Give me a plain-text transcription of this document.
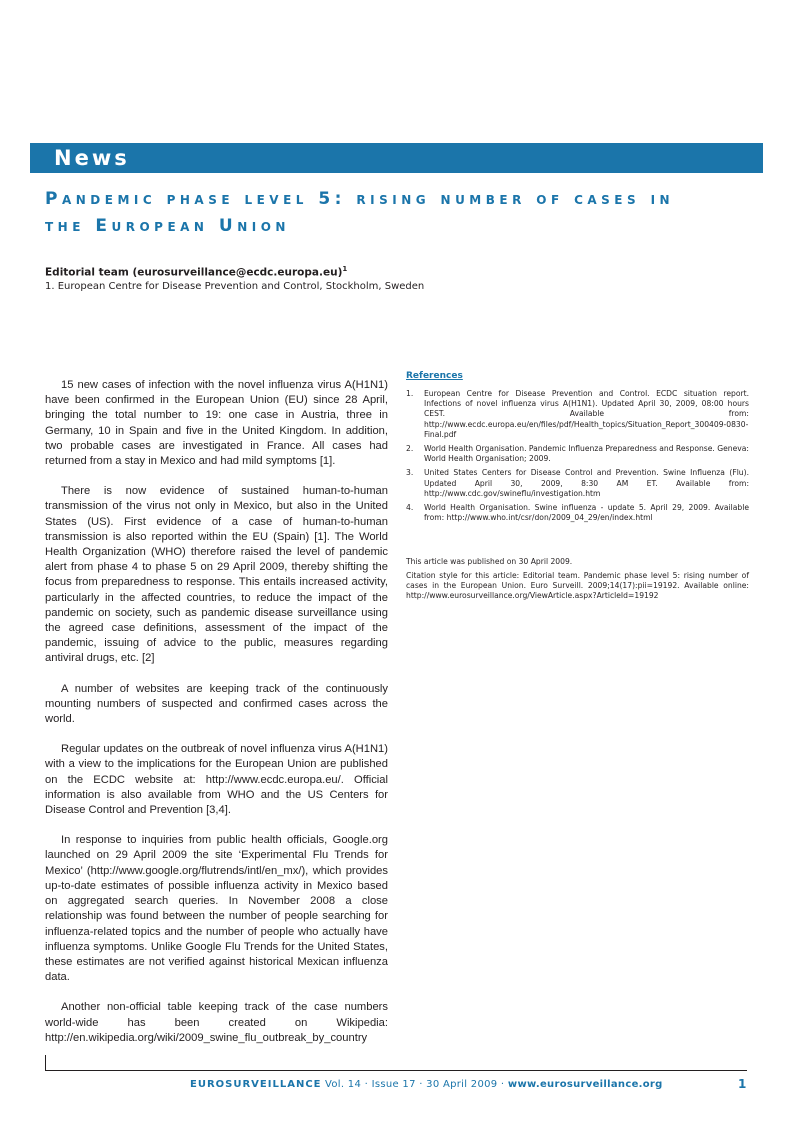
News
Pandemic phase level 5: rising number of cases in
the European Union
Editorial team (eurosurveillance@ecdc.europa.eu)$^1$
1. European Centre for Disease Prevention and Control, Stockholm, Sweden

15 new cases of infection with the novel influenza virus A(H1N1) have been confirmed in the European Union (EU) since 28 April, bringing the total number to 19: one case in Austria, three in Germany, 10 in Spain and five in the United Kingdom. In addition, two probable cases are investigated in France. All cases had returned from a stay in Mexico and had mild symptoms [1].

There is now evidence of sustained human-to-human transmission of the virus not only in Mexico, but also in the United States (US). First evidence of a case of human-to-human transmission is also reported within the EU (Spain) [1]. The World Health Organization (WHO) therefore raised the level of pandemic alert from phase 4 to phase 5 on 29 April 2009, thereby shifting the focus from preparedness to response. This entails increased activity, particularly in the affected countries, to reduce the impact of the pandemic on society, such as pandemic disease surveillance using the agreed case definitions, assessment of the impact of the pandemic, issuing of advice to the public, measures regarding antiviral drugs, etc. [2]

A number of websites are keeping track of the continuously mounting numbers of suspected and confirmed cases across the world.

Regular updates on the outbreak of novel influenza virus A(H1N1) with a view to the implications for the European Union are published on the ECDC website at: http://www.ecdc.europa.eu/. Official information is also available from WHO and the US Centers for Disease Control and Prevention [3,4].

In response to inquiries from public health officials, Google.org launched on 29 April 2009 the site ‘Experimental Flu Trends for Mexico’ (http://www.google.org/flutrends/intl/en_mx/), which provides up-to-date estimates of possible influenza activity in Mexico based on aggregated search queries. In November 2008 a close relationship was found between the number of people searching for influenza-related topics and the number of people who actually have influenza symptoms. Unlike Google Flu Trends for the United States, these estimates are not verified against historical Mexican influenza data.

Another non-official table keeping track of the case numbers world-wide has been created on Wikipedia: http://en.wikipedia.org/wiki/2009_swine_flu_outbreak_by_country

References
1. European Centre for Disease Prevention and Control. ECDC situation report. Infections of novel influenza virus A(H1N1). Updated April 30, 2009, 08:00 hours CEST. Available from: http://www.ecdc.europa.eu/en/files/pdf/Health_topics/Situation_Report_300409-0830-Final.pdf
2. World Health Organisation. Pandemic Influenza Preparedness and Response. Geneva: World Health Organisation; 2009.
3. United States Centers for Disease Control and Prevention. Swine Influenza (Flu). Updated April 30, 2009, 8:30 AM ET. Available from: http://www.cdc.gov/swineflu/investigation.htm
4. World Health Organisation. Swine influenza - update 5. April 29, 2009. Available from: http://www.who.int/csr/don/2009_04_29/en/index.html
This article was published on 30 April 2009.
Citation style for this article: Editorial team. Pandemic phase level 5: rising number of cases in the European Union. Euro Surveill. 2009;14(17):pii=19192. Available online: http://www.eurosurveillance.org/ViewArticle.aspx?ArticleId=19192
EUROSURVEILLANCE Vol. 14 · Issue 17 · 30 April 2009 · www.eurosurveillance.org	1
